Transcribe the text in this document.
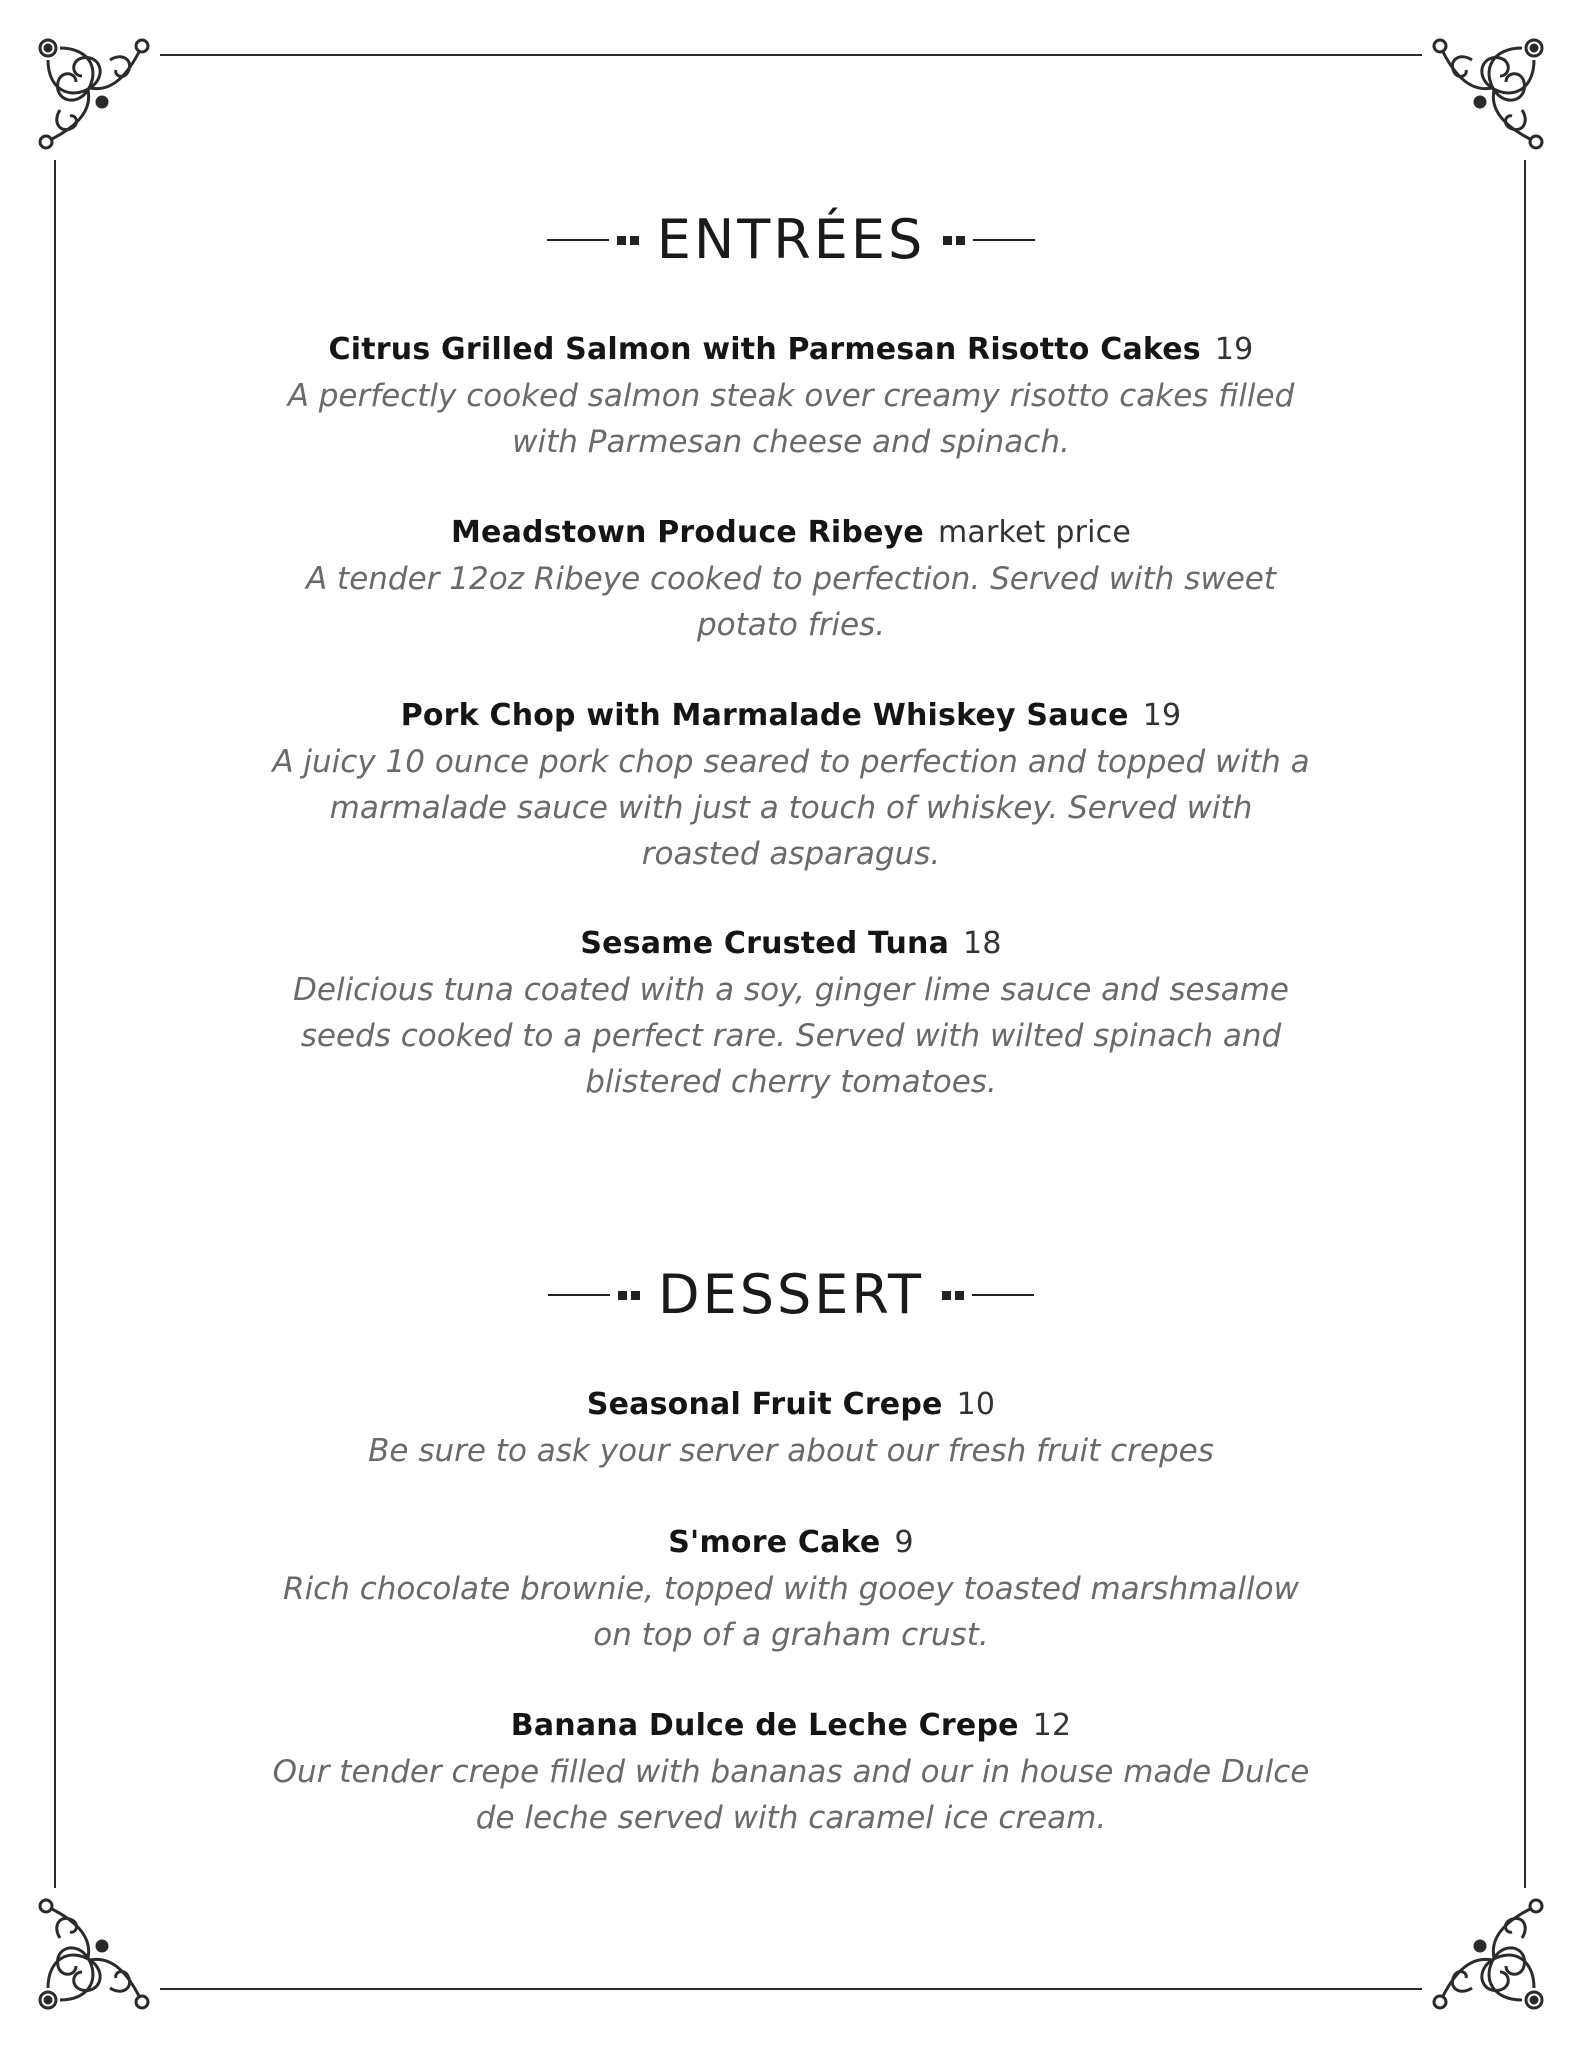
ENTRÉES
Citrus Grilled Salmon with Parmesan Risotto Cakes 19
A perfectly cooked salmon steak over creamy risotto cakes filled
with Parmesan cheese and spinach.
Meadstown Produce Ribeye market price
A tender 12oz Ribeye cooked to perfection. Served with sweet
potato fries.
Pork Chop with Marmalade Whiskey Sauce 19
A juicy 10 ounce pork chop seared to perfection and topped with a
marmalade sauce with just a touch of whiskey. Served with
roasted asparagus.
Sesame Crusted Tuna 18
Delicious tuna coated with a soy, ginger lime sauce and sesame
seeds cooked to a perfect rare. Served with wilted spinach and
blistered cherry tomatoes.
DESSERT
Seasonal Fruit Crepe 10
Be sure to ask your server about our fresh fruit crepes
S'more Cake 9
Rich chocolate brownie, topped with gooey toasted marshmallow
on top of a graham crust.
Banana Dulce de Leche Crepe 12
Our tender crepe filled with bananas and our in house made Dulce
de leche served with caramel ice cream.
